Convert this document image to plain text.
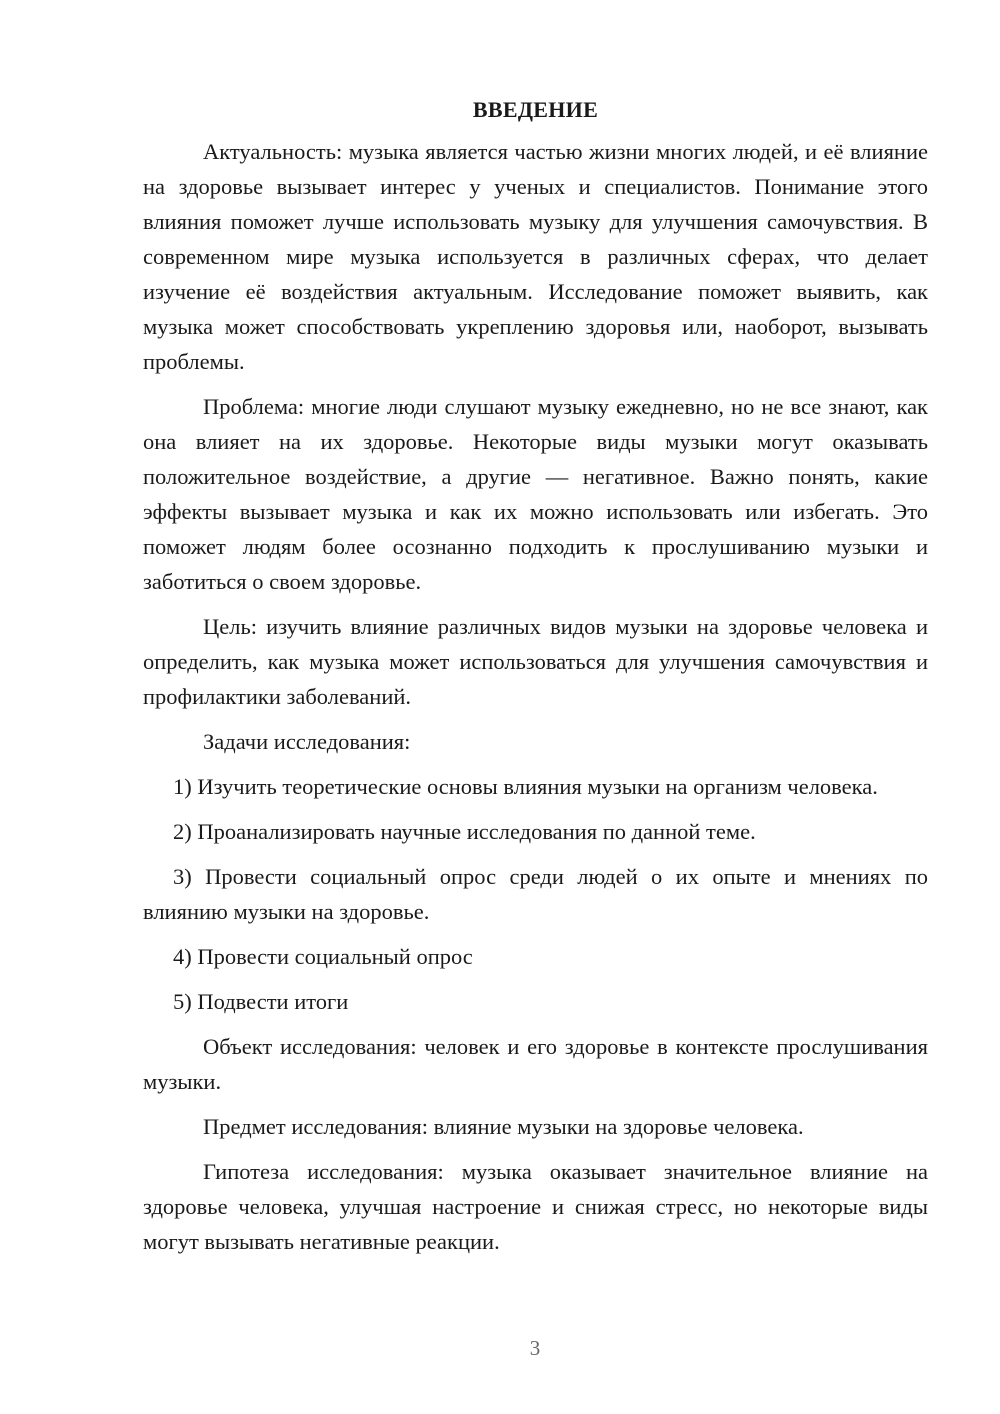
ВВЕДЕНИЕ

Актуальность: музыка является частью жизни многих людей, и её влияние на здоровье вызывает интерес у ученых и специалистов. Понимание этого влияния поможет лучше использовать музыку для улучшения самочувствия. В современном мире музыка используется в различных сферах, что делает изучение её воздействия актуальным. Исследование поможет выявить, как музыка может способствовать укреплению здоровья или, наоборот, вызывать проблемы.

Проблема: многие люди слушают музыку ежедневно, но не все знают, как она влияет на их здоровье. Некоторые виды музыки могут оказывать положительное воздействие, а другие — негативное. Важно понять, какие эффекты вызывает музыка и как их можно использовать или избегать. Это поможет людям более осознанно подходить к прослушиванию музыки и заботиться о своем здоровье.

Цель: изучить влияние различных видов музыки на здоровье человека и определить, как музыка может использоваться для улучшения самочувствия и профилактики заболеваний.

Задачи исследования:

1) Изучить теоретические основы влияния музыки на организм человека.

2) Проанализировать научные исследования по данной теме.

3) Провести социальный опрос среди людей о их опыте и мнениях по влиянию музыки на здоровье.

4) Провести социальный опрос

5) Подвести итоги

Объект исследования: человек и его здоровье в контексте прослушивания музыки.

Предмет исследования: влияние музыки на здоровье человека.

Гипотеза исследования: музыка оказывает значительное влияние на здоровье человека, улучшая настроение и снижая стресс, но некоторые виды могут вызывать негативные реакции.

3
